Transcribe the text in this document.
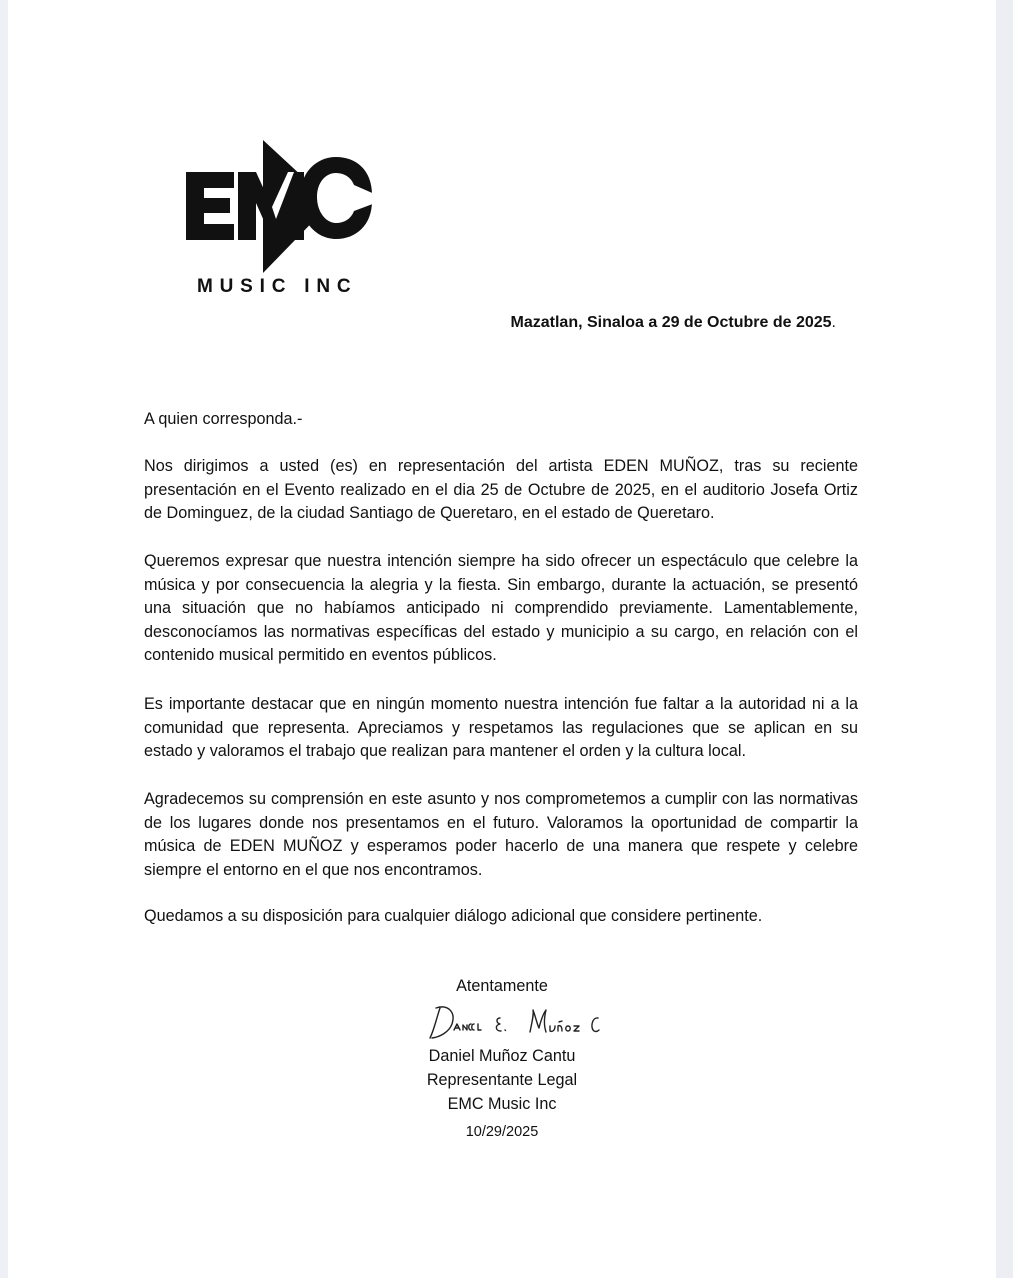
MUSIC INC
Mazatlan, Sinaloa a 29 de Octubre de 2025.

A quien corresponda.-

Nos dirigimos a usted (es) en representación del artista EDEN MUÑOZ, tras su reciente presentación en el Evento realizado en el dia 25 de Octubre de 2025, en el auditorio Josefa Ortiz de Dominguez, de la ciudad Santiago de Queretaro, en el estado de Queretaro.

Queremos expresar que nuestra intención siempre ha sido ofrecer un espectáculo que celebre la música y por consecuencia la alegria y la fiesta. Sin embargo, durante la actuación, se presentó una situación que no habíamos anticipado ni comprendido previamente. Lamentablemente, desconocíamos las normativas específicas del estado y municipio a su cargo, en relación con el contenido musical permitido en eventos públicos.

Es importante destacar que en ningún momento nuestra intención fue faltar a la autoridad ni a la comunidad que representa. Apreciamos y respetamos las regulaciones que se aplican en su estado y valoramos el trabajo que realizan para mantener el orden y la cultura local.

Agradecemos su comprensión en este asunto y nos comprometemos a cumplir con las normativas de los lugares donde nos presentamos en el futuro. Valoramos la oportunidad de compartir la música de EDEN MUÑOZ y esperamos poder hacerlo de una manera que respete y celebre siempre el entorno en el que nos encontramos.

Quedamos a su disposición para cualquier diálogo adicional que considere pertinente.

Atentamente
Daniel Muñoz Cantu
Representante Legal
EMC Music Inc
10/29/2025
